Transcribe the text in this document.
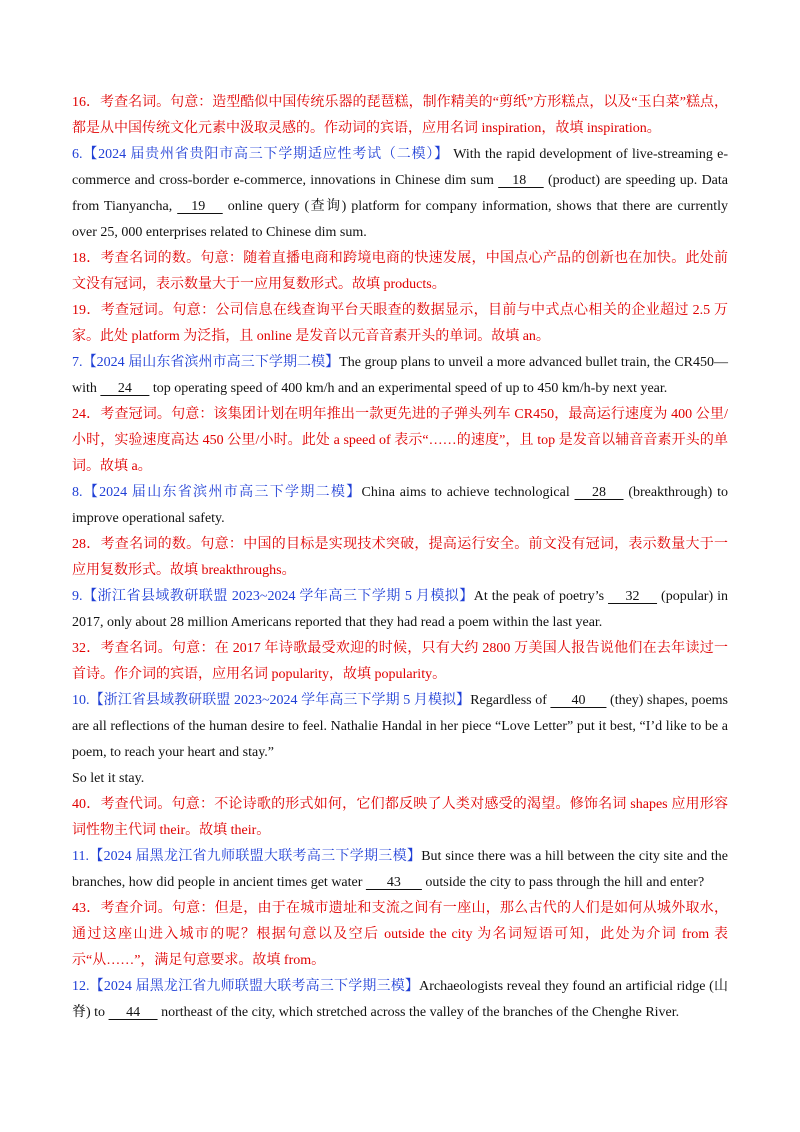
16．考查名词。句意：造型酷似中国传统乐器的琵琶糕，制作精美的“剪纸”方形糕点，以及“玉白菜”糕点，都是从中国传统文化元素中汲取灵感的。作动词的宾语，应用名词 inspiration，故填 inspiration。

6.【2024 届贵州省贵阳市高三下学期适应性考试（二模）】 With the rapid development of live-streaming e-commerce and cross-border e-commerce, innovations in Chinese dim sum     18      (product) are speeding up. Data from Tianyancha,     19      online query (查询) platform for company information, shows that there are currently over 25, 000 enterprises related to Chinese dim sum.

18．考查名词的数。句意：随着直播电商和跨境电商的快速发展，中国点心产品的创新也在加快。此处前文没有冠词，表示数量大于一应用复数形式。故填 products。

19．考查冠词。句意：公司信息在线查询平台天眼查的数据显示，目前与中式点心相关的企业超过 2.5 万家。此处 platform 为泛指，且 online 是发音以元音音素开头的单词。故填 an。

7.【2024 届山东省滨州市高三下学期二模】The group plans to unveil a more advanced bullet train, the CR450—with      24      top operating speed of 400 km/h and an experimental speed of up to 450 km/h-by next year.

24．考查冠词。句意：该集团计划在明年推出一款更先进的子弹头列车 CR450，最高运行速度为 400 公里/小时，实验速度高达 450 公里/小时。此处 a speed of 表示“……的速度”，且 top 是发音以辅音音素开头的单词。故填 a。

8.【2024 届山东省滨州市高三下学期二模】China aims to achieve technological      28      (breakthrough) to improve operational safety.

28．考查名词的数。句意：中国的目标是实现技术突破，提高运行安全。前文没有冠词，表示数量大于一应用复数形式。故填 breakthroughs。

9.【浙江省县域教研联盟 2023~2024 学年高三下学期 5 月模拟】At the peak of poetry’s      32      (popular) in 2017, only about 28 million Americans reported that they had read a poem within the last year.

32．考查名词。句意：在 2017 年诗歌最受欢迎的时候，只有大约 2800 万美国人报告说他们在去年读过一首诗。作介词的宾语，应用名词 popularity，故填 popularity。

10.【浙江省县域教研联盟 2023~2024 学年高三下学期 5 月模拟】Regardless of       40       (they) shapes, poems are all reflections of the human desire to feel. Nathalie Handal in her piece “Love Letter” put it best, “I’d like to be a poem, to reach your heart and stay.”

So let it stay.

40．考查代词。句意：不论诗歌的形式如何，它们都反映了人类对感受的渴望。修饰名词 shapes 应用形容词性物主代词 their。故填 their。

11.【2024 届黑龙江省九师联盟大联考高三下学期三模】But since there was a hill between the city site and the branches, how did people in ancient times get water       43       outside the city to pass through the hill and enter?

43．考查介词。句意：但是，由于在城市遗址和支流之间有一座山，那么古代的人们是如何从城外取水，通过这座山进入城市的呢？根据句意以及空后 outside the city 为名词短语可知，此处为介词 from 表示“从……”，满足句意要求。故填 from。

12.【2024 届黑龙江省九师联盟大联考高三下学期三模】Archaeologists reveal they found an artificial ridge (山脊) to      44      northeast of the city, which stretched across the valley of the branches of the Chenghe River.
